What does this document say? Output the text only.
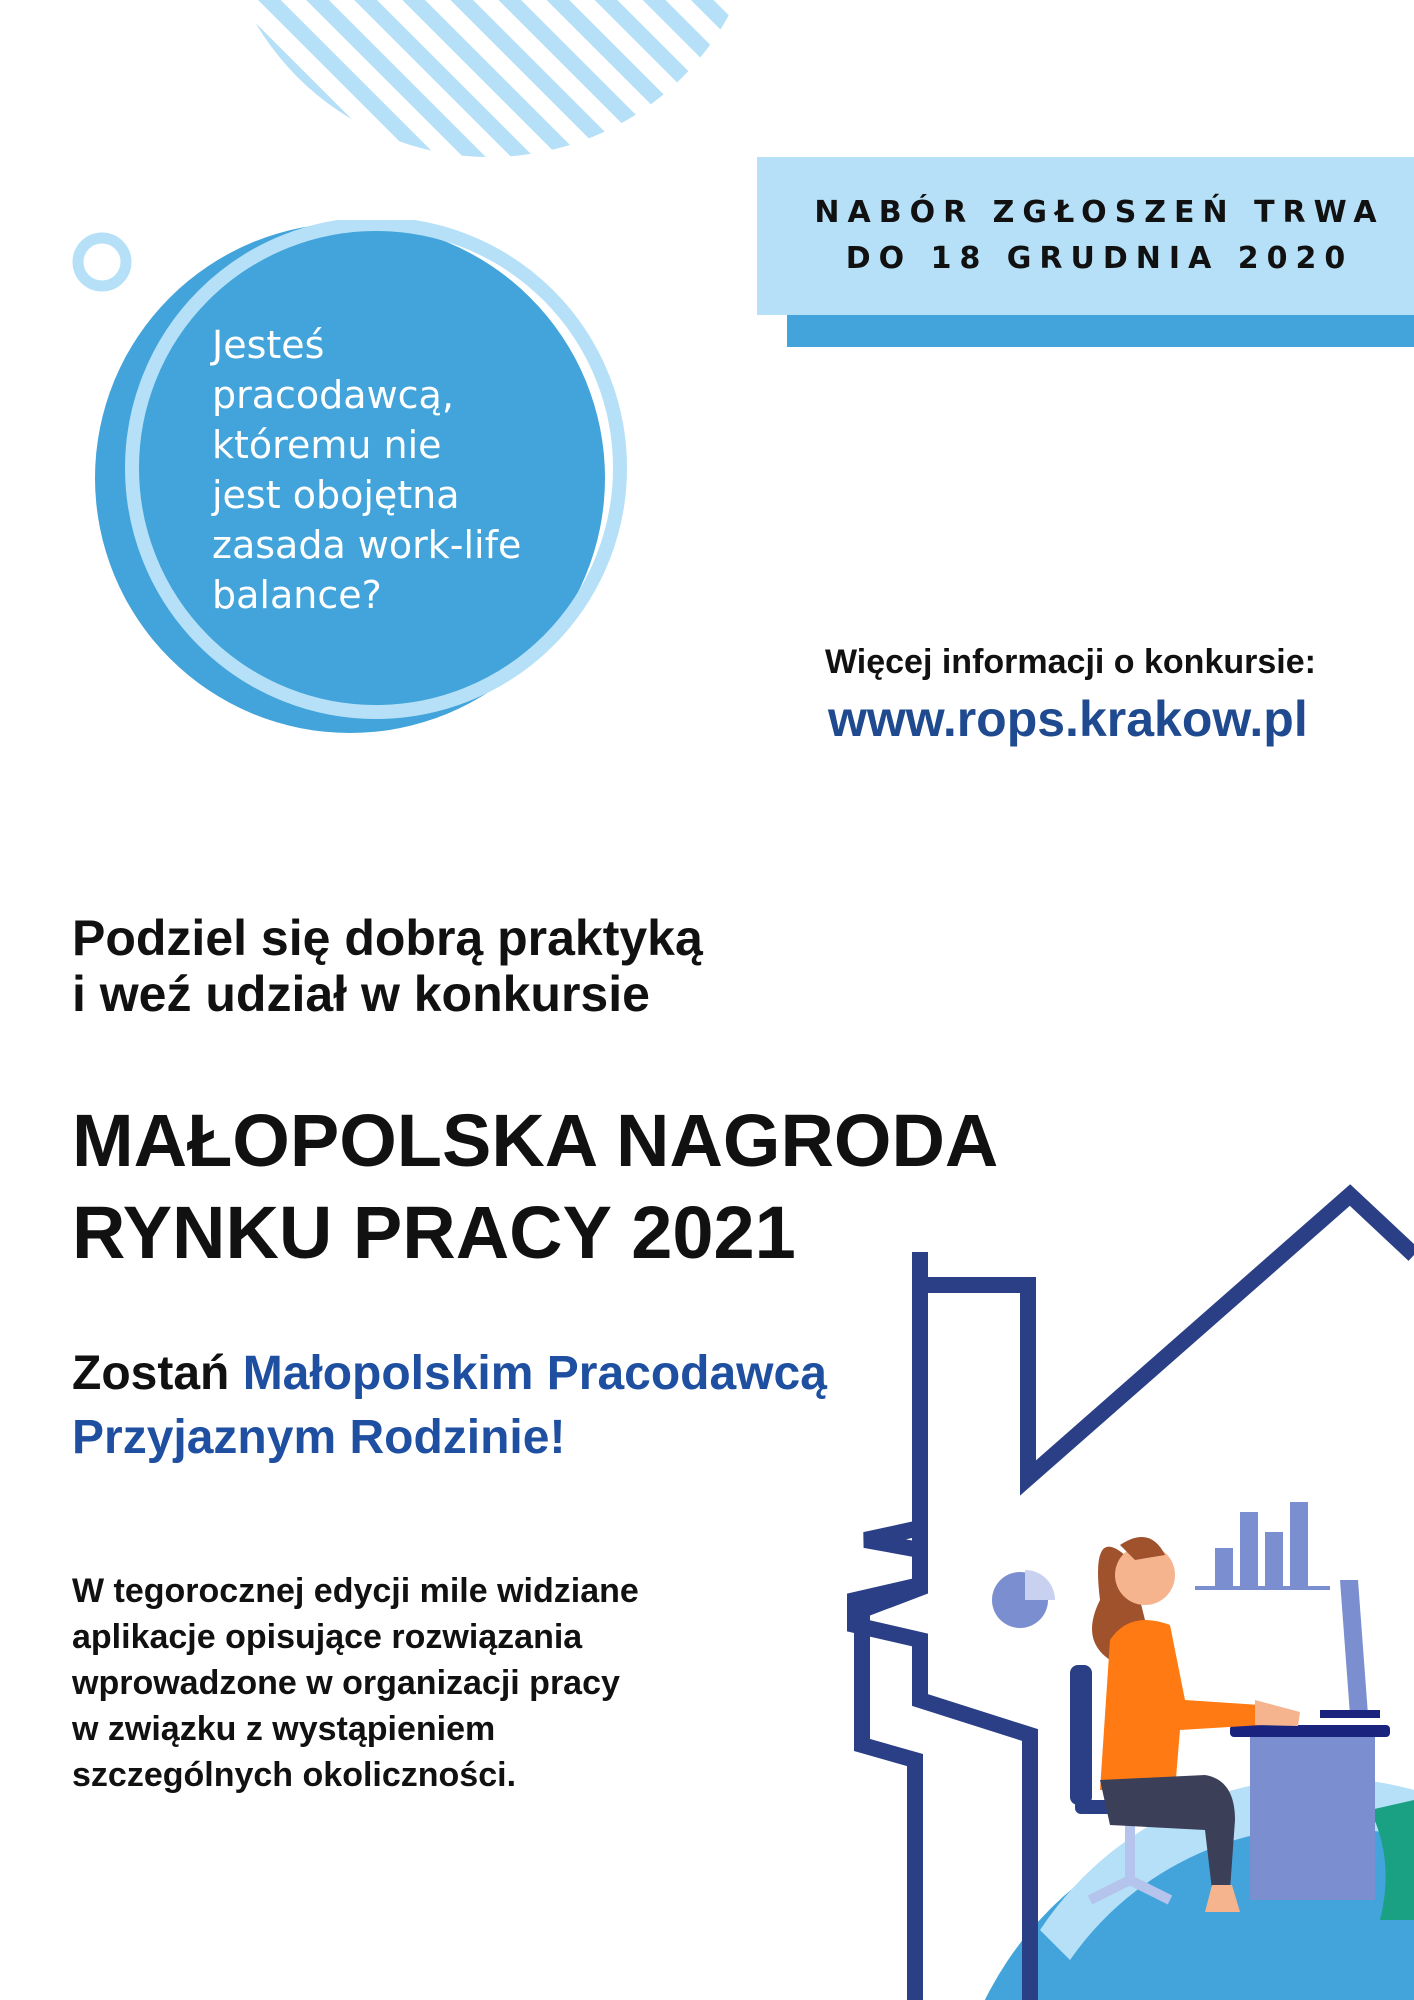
NABÓR ZGŁOSZEŃ TRWA
DO 18 GRUDNIA 2020
Jesteś
pracodawcą,
któremu nie
jest obojętna
zasada work-life
balance?
Więcej informacji o konkursie:
www.rops.krakow.pl
Podziel się dobrą praktyką
i weź udział w konkursie
MAŁOPOLSKA NAGRODA
RYNKU PRACY 2021
Zostań Małopolskim Pracodawcą
Przyjaznym Rodzinie!
W tegorocznej edycji mile widziane
aplikacje opisujące rozwiązania
wprowadzone w organizacji pracy
w związku z wystąpieniem
szczególnych okoliczności.
